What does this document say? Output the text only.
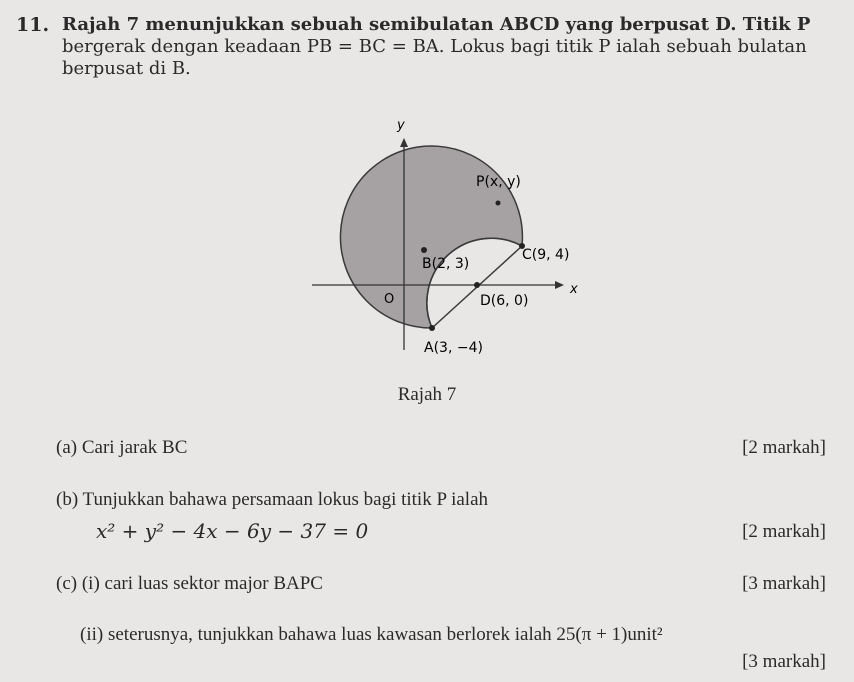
11. Rajah 7 menunjukkan sebuah semibulatan ABCD yang berpusat D. Titik P
bergerak dengan keadaan PB = BC = BA. Lokus bagi titik P ialah sebuah bulatan
berpusat di B.
y
x
O
P(x, y)
B(2, 3)
C(9, 4)
D(6, 0)
A(3, −4)
Rajah 7
(a) Cari jarak BC	[2 markah]
(b) Tunjukkan bahawa persamaan lokus bagi titik P ialah
x² + y² − 4x − 6y − 37 = 0	[2 markah]
(c) (i) cari luas sektor major BAPC	[3 markah]
(ii) seterusnya, tunjukkan bahawa luas kawasan berlorek ialah 25(π + 1)unit²
[3 markah]
